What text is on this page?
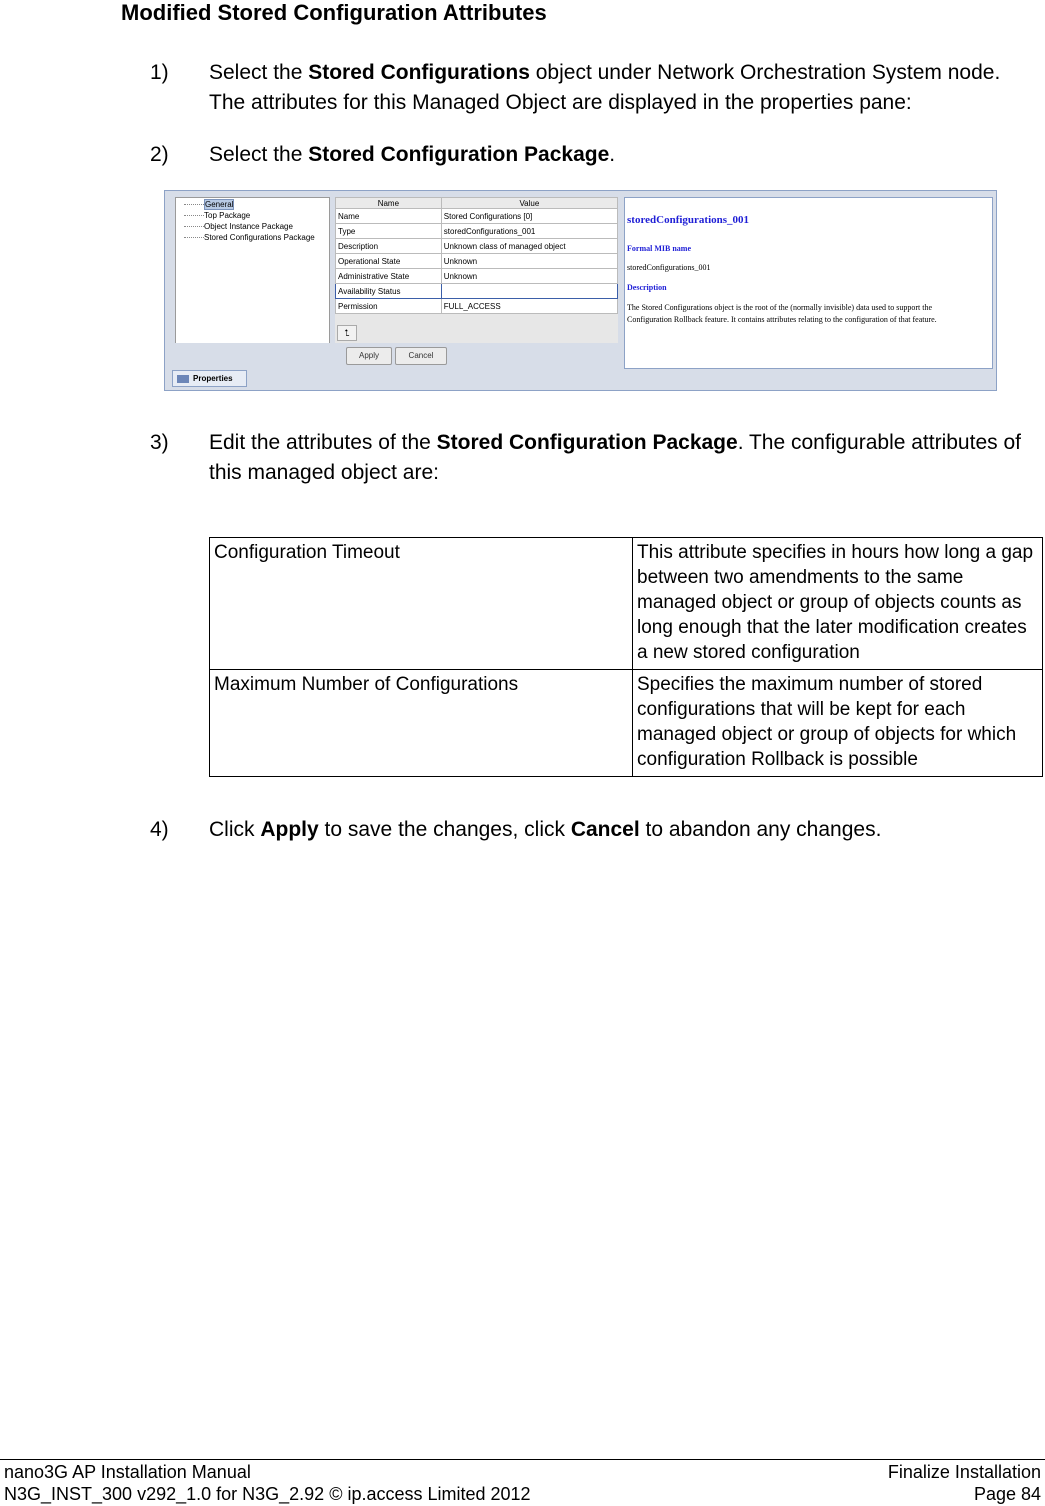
Modified Stored Configuration Attributes
1) Select the Stored Configurations object under Network Orchestration System node. The attributes for this Managed Object are displayed in the properties pane:
2) Select the Stored Configuration Package.
General
Top Package
Object Instance Package
Stored Configurations Package
Name	Value
Name	Stored Configurations [0]
Type	storedConfigurations_001
Description	Unknown class of managed object
Operational State	Unknown
Administrative State	Unknown
Availability Status	
Permission	FULL_ACCESS
⮤
storedConfigurations_001
Formal MIB name
storedConfigurations_001
Description
The Stored Configurations object is the root of the (normally invisible) data used to support the Configuration Rollback feature. It contains attributes relating to the configuration of that feature.
Apply	Cancel
Properties
3) Edit the attributes of the Stored Configuration Package. The configurable attributes of this managed object are:
Configuration Timeout	This attribute specifies in hours how long a gap between two amendments to the same managed object or group of objects counts as long enough that the later modification creates a new stored configuration
Maximum Number of Configurations	Specifies the maximum number of stored configurations that will be kept for each managed object or group of objects for which configuration Rollback is possible
4) Click Apply to save the changes, click Cancel to abandon any changes.
nano3G AP Installation Manual
N3G_INST_300 v292_1.0 for N3G_2.92 © ip.access Limited 2012
Finalize Installation
Page 84
